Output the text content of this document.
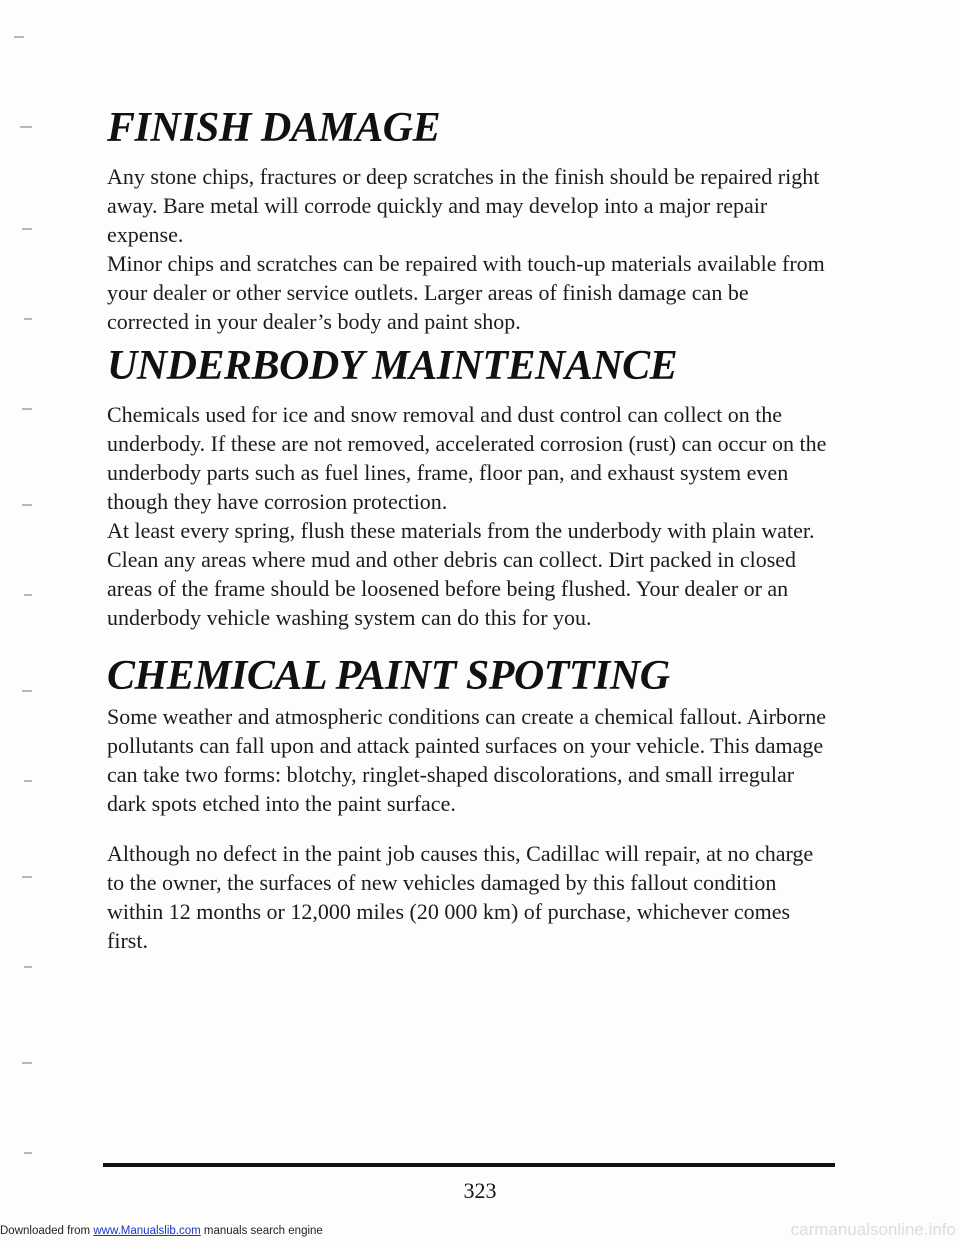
FINISH DAMAGE

Any stone chips, fractures or deep scratches in the finish should be repaired right away. Bare metal will corrode quickly and may develop into a major repair expense.

Minor chips and scratches can be repaired with touch-up materials available from your dealer or other service outlets. Larger areas of finish damage can be corrected in your dealer’s body and paint shop.

UNDERBODY MAINTENANCE

Chemicals used for ice and snow removal and dust control can collect on the underbody. If these are not removed, accelerated corrosion (rust) can occur on the underbody parts such as fuel lines, frame, floor pan, and exhaust system even though they have corrosion protection.

At least every spring, flush these materials from the underbody with plain water. Clean any areas where mud and other debris can collect. Dirt packed in closed areas of the frame should be loosened before being flushed. Your dealer or an underbody vehicle washing system can do this for you.

CHEMICAL PAINT SPOTTING

Some weather and atmospheric conditions can create a chemical fallout. Airborne pollutants can fall upon and attack painted surfaces on your vehicle. This damage can take two forms: blotchy, ringlet-shaped discolorations, and small irregular dark spots etched into the paint surface.

Although no defect in the paint job causes this, Cadillac will repair, at no charge to the owner, the surfaces of new vehicles damaged by this fallout condition within 12 months or 12,000 miles (20 000 km) of purchase, whichever comes first.

323
Downloaded from www.Manualslib.com manuals search engine	carmanualsonline.info
